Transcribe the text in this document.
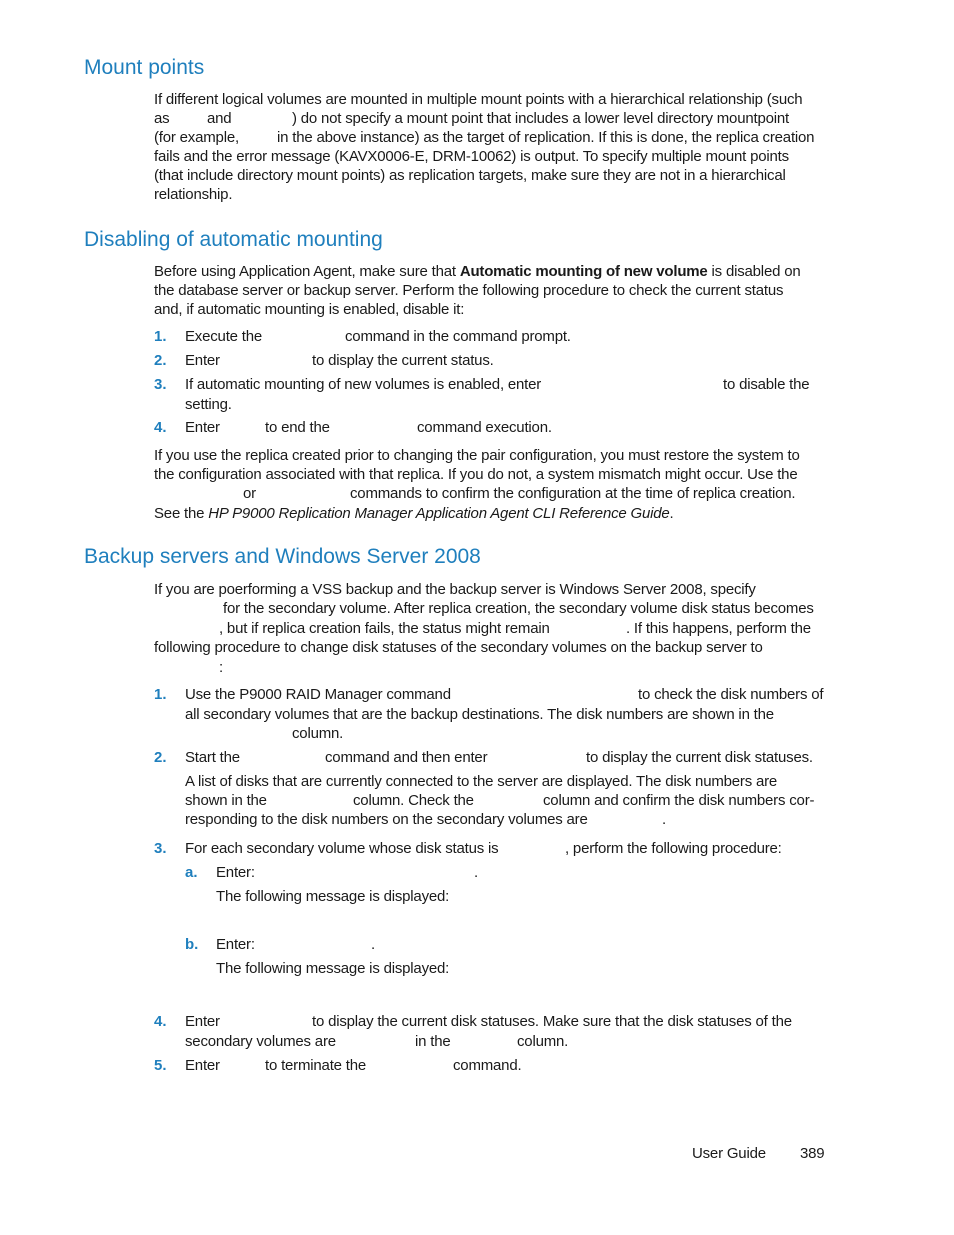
Mount points
If different logical volumes are mounted in multiple mount points with a hierarchical relationship (such
as	and	) do not specify a mount point that includes a lower level directory mountpoint
(for example,	in the above instance) as the target of replication. If this is done, the replica creation
fails and the error message (KAVX0006-E, DRM-10062) is output. To specify multiple mount points
(that include directory mount points) as replication targets, make sure they are not in a hierarchical
relationship.
Disabling of automatic mounting
Before using Application Agent, make sure that Automatic mounting of new volume is disabled on
the database server or backup server. Perform the following procedure to check the current status
and, if automatic mounting is enabled, disable it:
1. Execute the	command in the command prompt.
2. Enter	to display the current status.
3. If automatic mounting of new volumes is enabled, enter	to disable the
setting.
4. Enter	to end the	command execution.
If you use the replica created prior to changing the pair configuration, you must restore the system to
the configuration associated with that replica. If you do not, a system mismatch might occur. Use the
or	commands to confirm the configuration at the time of replica creation.
See the HP P9000 Replication Manager Application Agent CLI Reference Guide.
Backup servers and Windows Server 2008
If you are poerforming a VSS backup and the backup server is Windows Server 2008, specify
for the secondary volume. After replica creation, the secondary volume disk status becomes
, but if replica creation fails, the status might remain	. If this happens, perform the
following procedure to change disk statuses of the secondary volumes on the backup server to
:
1. Use the P9000 RAID Manager command	to check the disk numbers of
all secondary volumes that are the backup destinations. The disk numbers are shown in the
column.
2. Start the	command and then enter	to display the current disk statuses.
A list of disks that are currently connected to the server are displayed. The disk numbers are
shown in the	column. Check the	column and confirm the disk numbers cor-
responding to the disk numbers on the secondary volumes are	.
3. For each secondary volume whose disk status is	, perform the following procedure:
a. Enter:	.
The following message is displayed:
b. Enter:	.
The following message is displayed:
4. Enter	to display the current disk statuses. Make sure that the disk statuses of the
secondary volumes are	in the	column.
5. Enter	to terminate the	command.
User Guide 389
